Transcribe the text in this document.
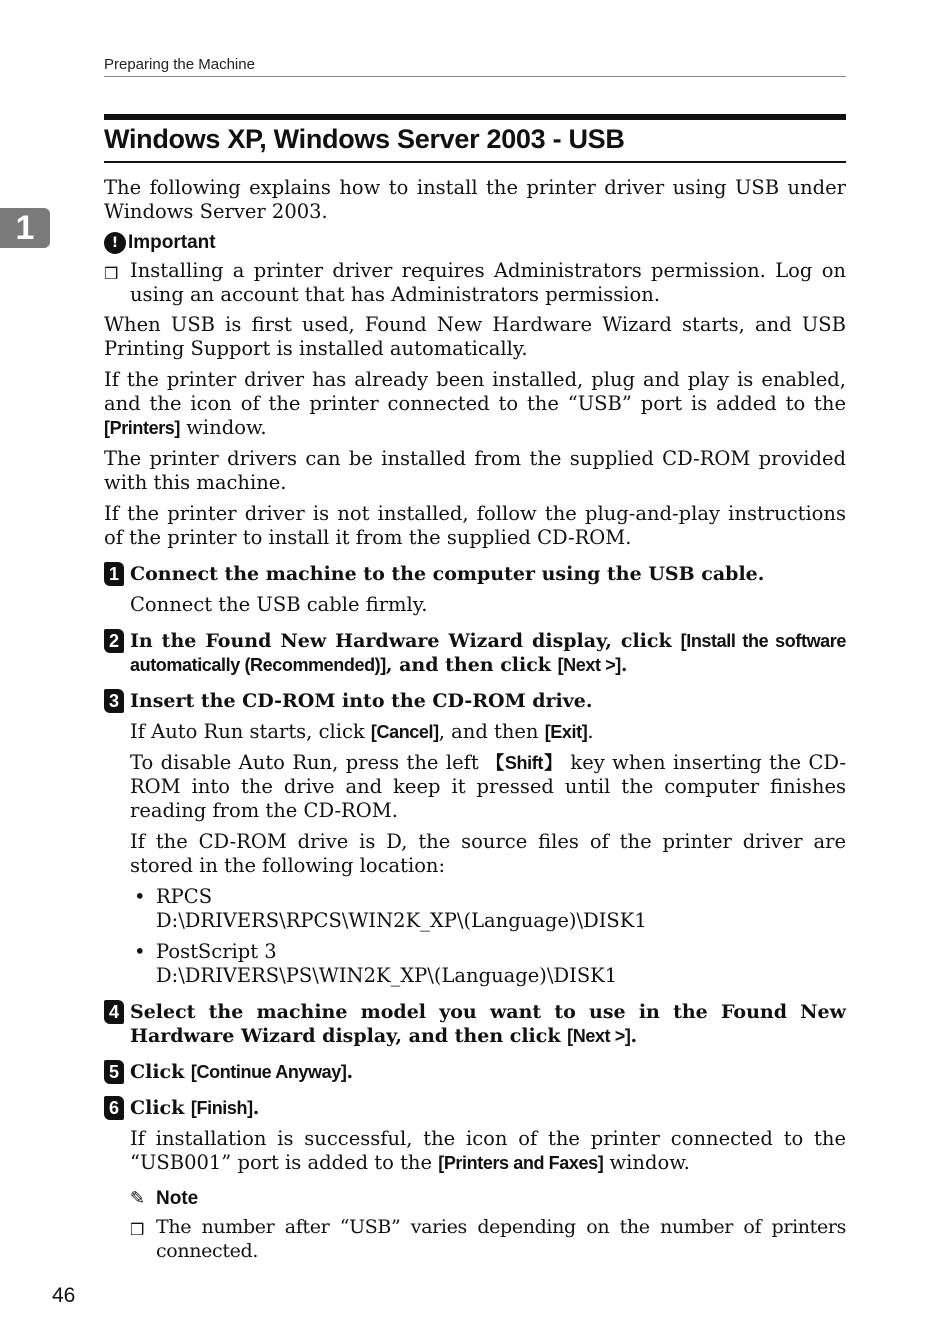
Preparing the Machine
1
Windows XP, Windows Server 2003 - USB

The following explains how to install the printer driver using USB under Windows Server 2003.

! Important
❒ Installing a printer driver requires Administrators permission. Log on using an account that has Administrators permission.

When USB is first used, Found New Hardware Wizard starts, and USB Printing Support is installed automatically.

If the printer driver has already been installed, plug and play is enabled, and the icon of the printer connected to the “USB” port is added to the [Printers] window.

The printer drivers can be installed from the supplied CD-ROM provided with this machine.

If the printer driver is not installed, follow the plug-and-play instructions of the printer to install it from the supplied CD-ROM.

1 Connect the machine to the computer using the USB cable.

Connect the USB cable firmly.

2 In the Found New Hardware Wizard display, click [Install the software automatically (Recommended)], and then click [Next >].

3 Insert the CD-ROM into the CD-ROM drive.

If Auto Run starts, click [Cancel], and then [Exit].

To disable Auto Run, press the left 【Shift】 key when inserting the CD-ROM into the drive and keep it pressed until the computer finishes reading from the CD-ROM.

If the CD-ROM drive is D, the source files of the printer driver are stored in the following location:

• RPCS
D:\DRIVERS\RPCS\WIN2K_XP\(Language)\DISK1
• PostScript 3
D:\DRIVERS\PS\WIN2K_XP\(Language)\DISK1
4 Select the machine model you want to use in the Found New Hardware Wizard display, and then click [Next >].

5 Click [Continue Anyway].

6 Click [Finish].

If installation is successful, the icon of the printer connected to the “USB001” port is added to the [Printers and Faxes] window.

✎ Note
❒ The number after “USB” varies depending on the number of printers connected.
46
